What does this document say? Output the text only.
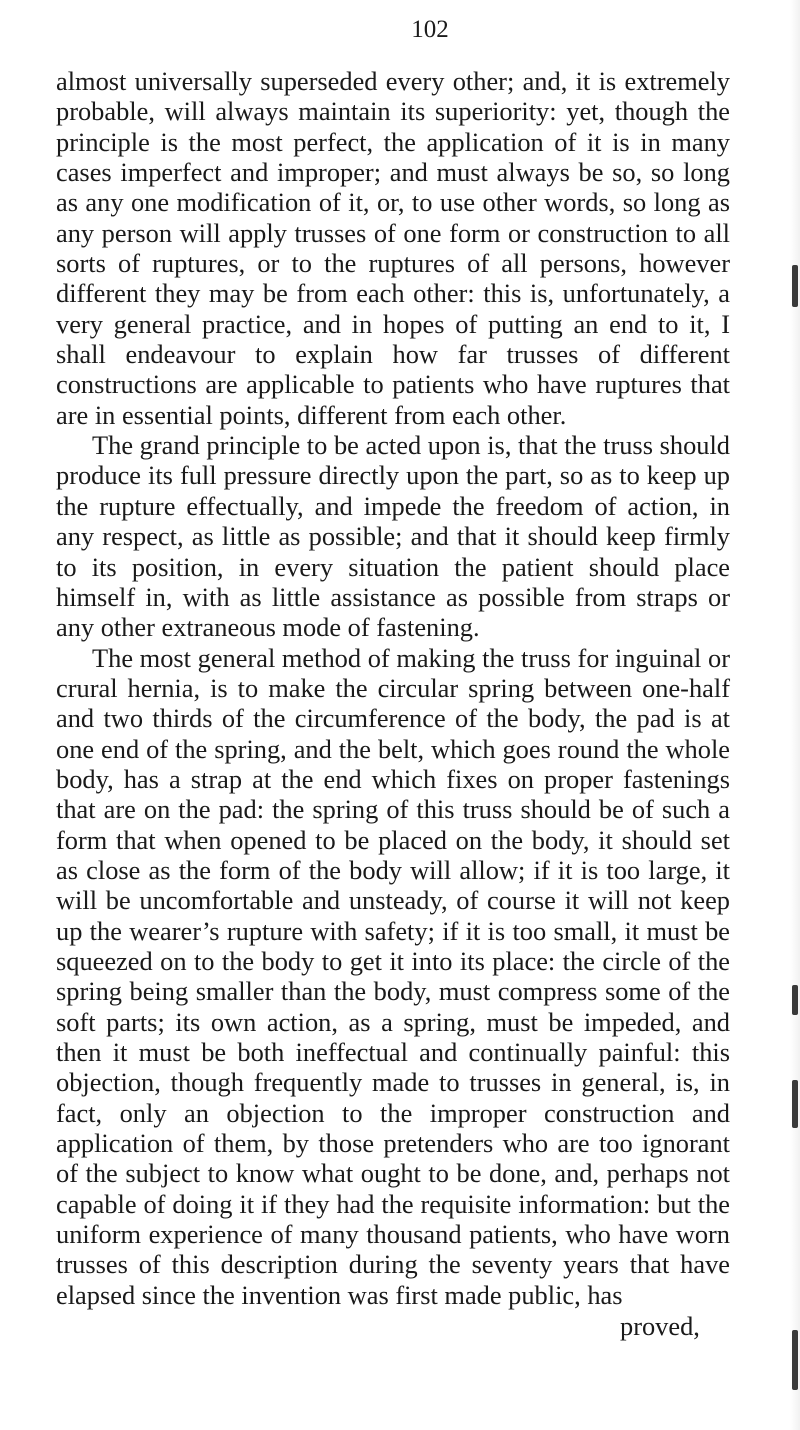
102

almost universally superseded every other; and, it is extremely probable, will always maintain its superiority: yet, though the principle is the most perfect, the application of it is in many cases imperfect and improper; and must always be so, so long as any one modification of it, or, to use other words, so long as any person will apply trusses of one form or construction to all sorts of ruptures, or to the ruptures of all persons, however different they may be from each other: this is, unfortunately, a very general practice, and in hopes of putting an end to it, I shall endeavour to explain how far trusses of different constructions are applicable to patients who have ruptures that are in essential points, different from each other.

The grand principle to be acted upon is, that the truss should produce its full pressure directly upon the part, so as to keep up the rupture effectually, and impede the freedom of action, in any respect, as little as possible; and that it should keep firmly to its position, in every situation the patient should place himself in, with as little assistance as possible from straps or any other extraneous mode of fastening.

The most general method of making the truss for inguinal or crural hernia, is to make the circular spring between one-half and two thirds of the circumference of the body, the pad is at one end of the spring, and the belt, which goes round the whole body, has a strap at the end which fixes on proper fastenings that are on the pad: the spring of this truss should be of such a form that when opened to be placed on the body, it should set as close as the form of the body will allow; if it is too large, it will be uncomfortable and unsteady, of course it will not keep up the wearer’s rupture with safety; if it is too small, it must be squeezed on to the body to get it into its place: the circle of the spring being smaller than the body, must compress some of the soft parts; its own action, as a spring, must be impeded, and then it must be both ineffectual and continually painful: this objection, though frequently made to trusses in general, is, in fact, only an objection to the improper construction and application of them, by those pretenders who are too ignorant of the subject to know what ought to be done, and, perhaps not capable of doing it if they had the requisite information: but the uniform experience of many thousand patients, who have worn trusses of this description during the seventy years that have elapsed since the invention was first made public, has

proved,
